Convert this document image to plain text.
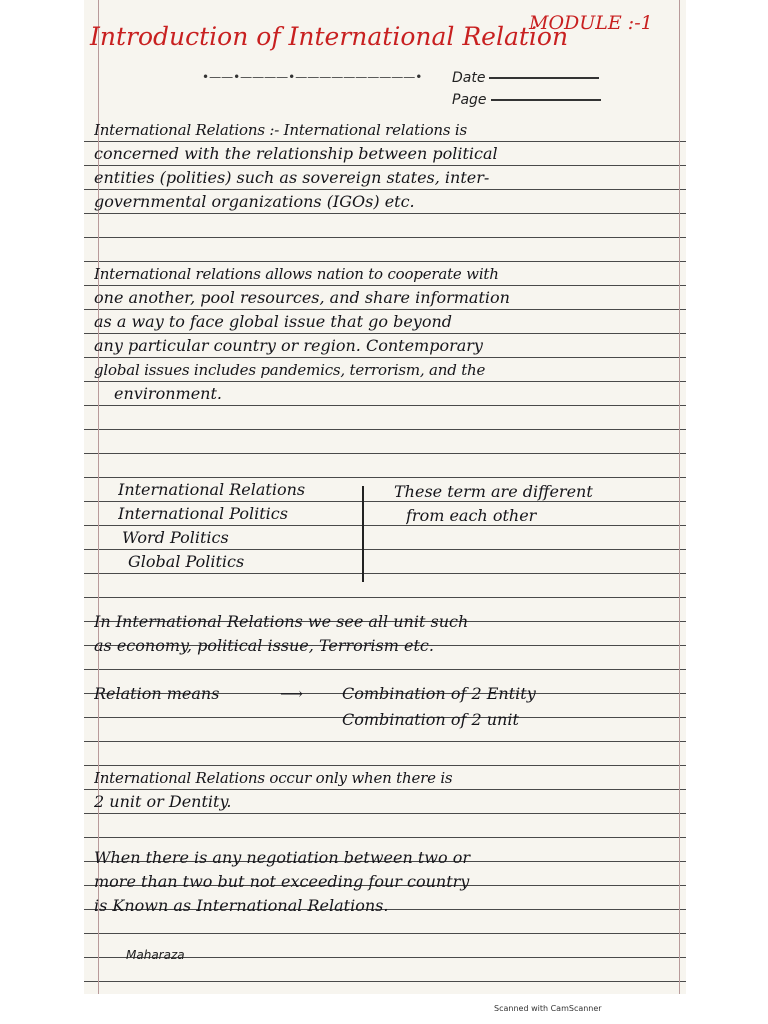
Introduction of International Relation
MODULE :-1
•——•————•——————————• Date
Page
International Relations :- International relations is
concerned with the relationship between political
entities (polities) such as sovereign states, inter-
governmental organizations (IGOs) etc.
International relations allows nation to cooperate with
one another, pool resources, and share information
as a way to face global issue that go beyond
any particular country or region. Contemporary
global issues includes pandemics, terrorism, and the
environment.
International Relations
International Politics
Word Politics
Global Politics
These term are different
from each other
In International Relations we see all unit such
as economy, political issue, Terrorism etc.
Relation means	⟶	Combination of 2 Entity
Combination of 2 unit
International Relations occur only when there is
2 unit or Dentity.
When there is any negotiation between two or
more than two but not exceeding four country
is Known as International Relations.
Maharaza
Scanned with CamScanner
